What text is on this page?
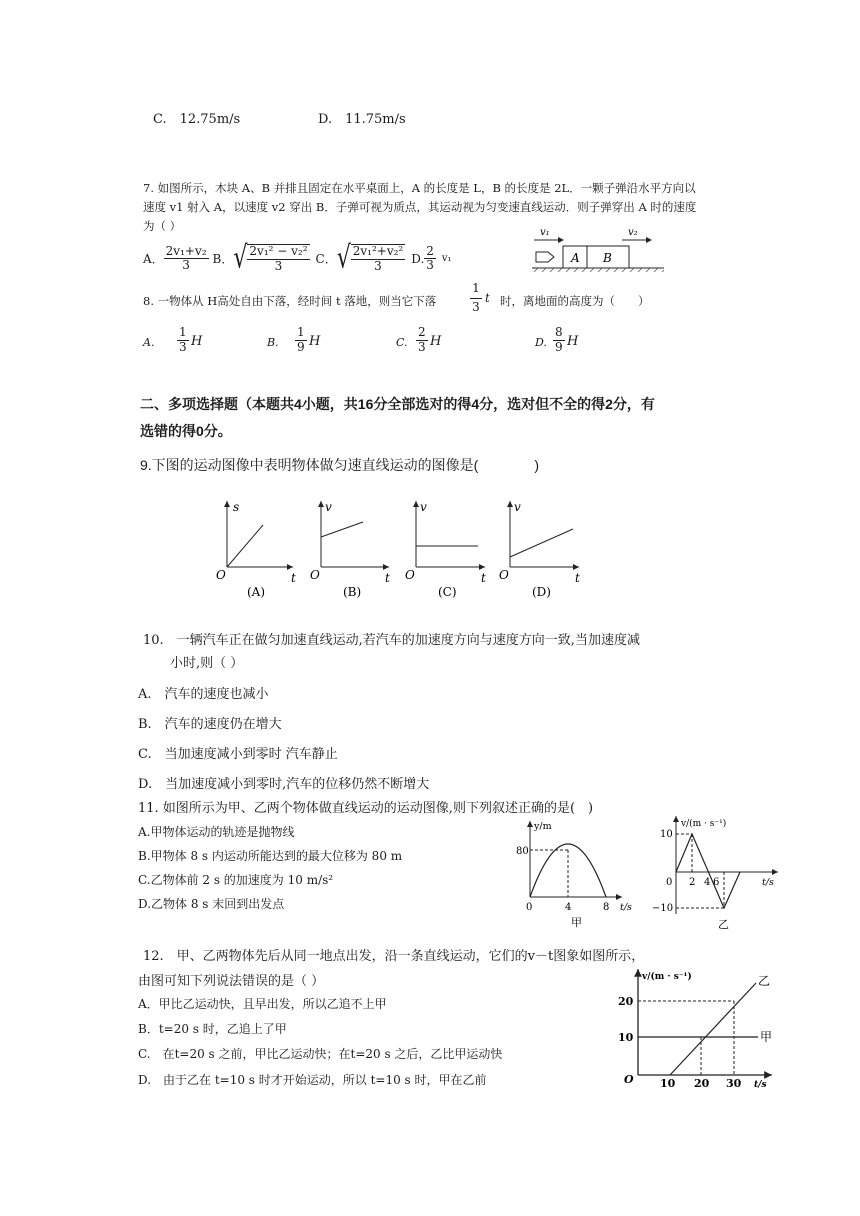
C.　12.75m/s	D.　11.75m/s
7. 如图所示，木块 A、B 并排且固定在水平桌面上，A 的长度是 L，B 的长度是 2L．一颗子弹沿水平方向以
速度 v1 射入 A，以速度 v2 穿出 B．子弹可视为质点，其运动视为匀变速直线运动．则子弹穿出 A 时的速度
为（ ）
A． $\frac{\text{2v₁+v₂}}{3}$ B． √ $\frac{\text{2v₁² − v₂²}}{3}$ C． √ $\frac{\text{2v₁²+v₂²}}{3} D$. $\frac{2}{3} v_1$
v₁	v₂
A B
8. 一物体从 H高处自由下落，经时间 t 落地，则当它下落	$\frac{1}{3}$ t 时，离地面的高度为（　　）
A. $\frac{1}{3}$ H	B. $\frac{1}{9}$ H	C. $\frac{2}{3}$ H	D. $\frac{8}{9}$ H
二、多项选择题（本题共4小题，共16分全部选对的得4分，选对但不全的得2分，有
选错的得0分。
9.下图的运动图像中表明物体做匀速直线运动的图像是(　　　　)
s
O	t
(A)
v
O	t
(B)
v
O	t
(C)
v
O	t
(D)
10.　一辆汽车正在做匀加速直线运动,若汽车的加速度方向与速度方向一致,当加速度减
小时,则（ ）
A.　汽车的速度也减小
B.　汽车的速度仍在增大
C.　当加速度减小到零时 汽车静止
D.　当加速度减小到零时,汽车的位移仍然不断增大
11. 如图所示为甲、乙两个物体做直线运动的运动图像,则下列叙述正确的是(　)
A.甲物体运动的轨迹是抛物线
B.甲物体 8 s 内运动所能达到的最大位移为 80 m
C.乙物体前 2 s 的加速度为 10 m/s²
D.乙物体 8 s 末回到出发点
y/m
80
0	4	8 t/s
甲
v/(m · s⁻¹)
10
−10
0 2 4 6	t/s
乙
12.　甲、乙两物体先后从同一地点出发，沿一条直线运动，它们的v－t图象如图所示，
由图可知下列说法错误的是（ ）
A．甲比乙运动快，且早出发，所以乙追不上甲
B．t=20 s 时，乙追上了甲
C.　在t=20 s 之前，甲比乙运动快；在t=20 s 之后，乙比甲运动快
D.　由于乙在 t=10 s 时才开始运动，所以 t=10 s 时，甲在乙前
v/(m · s⁻¹)
20
10
O 10 20 30 t/s
乙
甲
